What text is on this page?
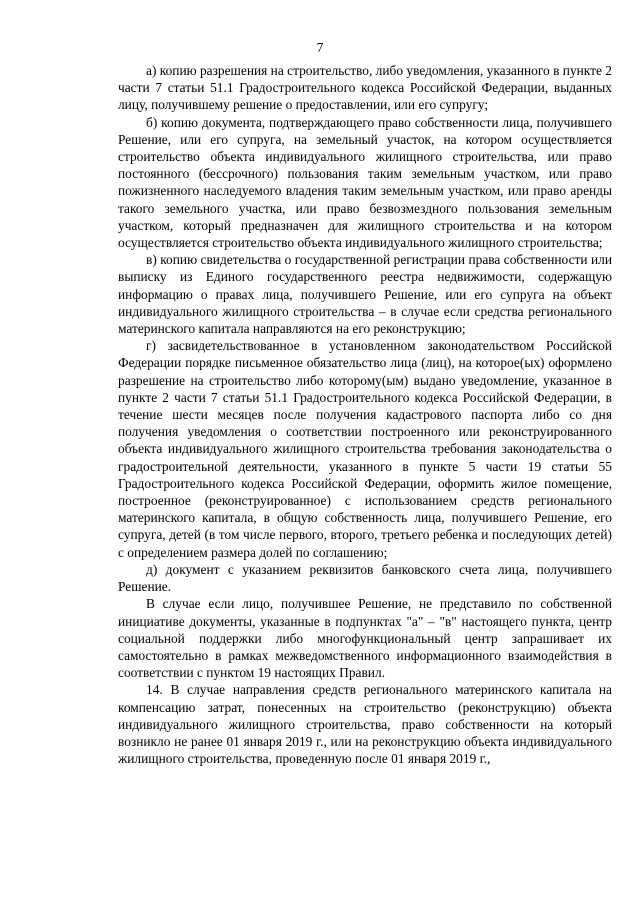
7

а) копию разрешения на строительство, либо уведомления, указанного в пункте 2 части 7 статьи 51.1 Градостроительного кодекса Российской Федерации, выданных лицу, получившему решение о предоставлении, или его супругу;

б) копию документа, подтверждающего право собственности лица, получившего Решение, или его супруга, на земельный участок, на котором осуществляется строительство объекта индивидуального жилищного строительства, или право постоянного (бессрочного) пользования таким земельным участком, или право пожизненного наследуемого владения таким земельным участком, или право аренды такого земельного участка, или право безвозмездного пользования земельным участком, который предназначен для жилищного строительства и на котором осуществляется строительство объекта индивидуального жилищного строительства;

в) копию свидетельства о государственной регистрации права собственности или выписку из Единого государственного реестра недвижимости, содержащую информацию о правах лица, получившего Решение, или его супруга на объект индивидуального жилищного строительства – в случае если средства регионального материнского капитала направляются на его реконструкцию;

г) засвидетельствованное в установленном законодательством Российской Федерации порядке письменное обязательство лица (лиц), на которое(ых) оформлено разрешение на строительство либо которому(ым) выдано уведомление, указанное в пункте 2 части 7 статьи 51.1 Градостроительного кодекса Российской Федерации, в течение шести месяцев после получения кадастрового паспорта либо со дня получения уведомления о соответствии построенного или реконструированного объекта индивидуального жилищного строительства требования законодательства о градостроительной деятельности, указанного в пункте 5 части 19 статьи 55 Градостроительного кодекса Российской Федерации, оформить жилое помещение, построенное (реконструированное) с использованием средств регионального материнского капитала, в общую собственность лица, получившего Решение, его супруга, детей (в том числе первого, второго, третьего ребенка и последующих детей) с определением размера долей по соглашению;

д) документ с указанием реквизитов банковского счета лица, получившего Решение.

В случае если лицо, получившее Решение, не представило по собственной инициативе документы, указанные в подпунктах "а" – "в" настоящего пункта, центр социальной поддержки либо многофункциональный центр запрашивает их самостоятельно в рамках межведомственного информационного взаимодействия в соответствии с пунктом 19 настоящих Правил.

14. В случае направления средств регионального материнского капитала на компенсацию затрат, понесенных на строительство (реконструкцию) объекта индивидуального жилищного строительства, право собственности на который возникло не ранее 01 января 2019 г., или на реконструкцию объекта индивидуального жилищного строительства, проведенную после 01 января 2019 г.,
